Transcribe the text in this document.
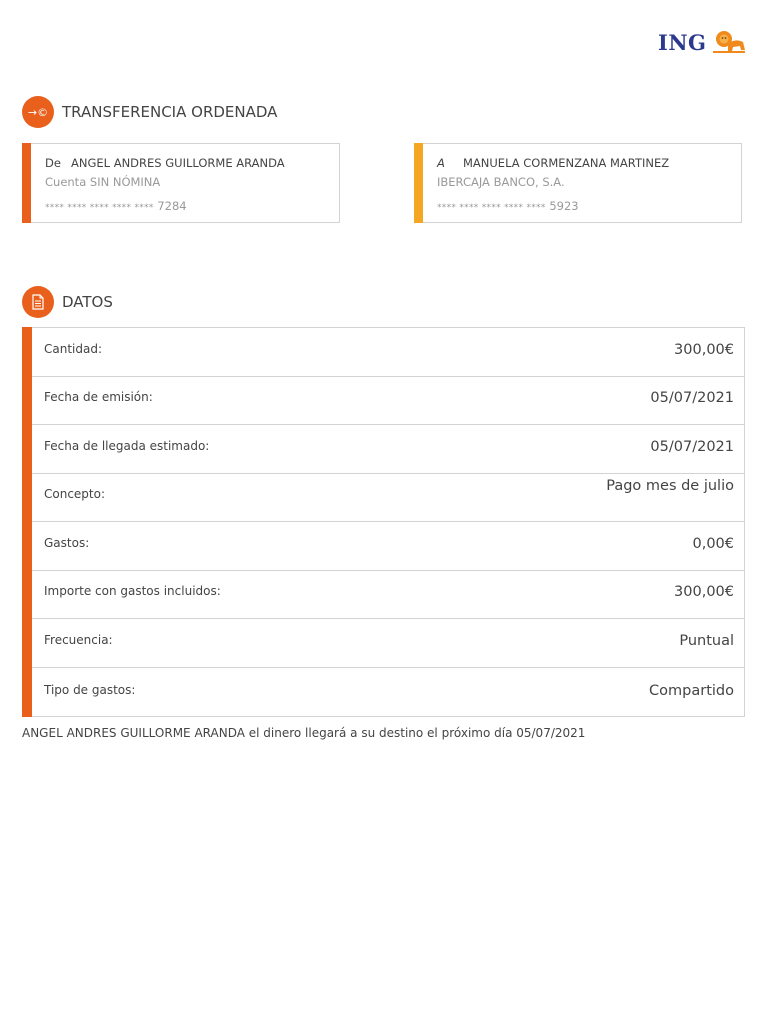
ING
→© TRANSFERENCIA ORDENADA
De ANGEL ANDRES GUILLORME ARANDA
Cuenta SIN NÓMINA
**** **** **** **** **** 7284
A MANUELA CORMENZANA MARTINEZ
IBERCAJA BANCO, S.A.
**** **** **** **** **** 5923
DATOS
Cantidad:	300,00€
Fecha de emisión:	05/07/2021
Fecha de llegada estimado:	05/07/2021
Concepto:	Pago mes de julio
Gastos:	0,00€
Importe con gastos incluidos:	300,00€
Frecuencia:	Puntual
Tipo de gastos:	Compartido
ANGEL ANDRES GUILLORME ARANDA el dinero llegará a su destino el próximo día 05/07/2021
